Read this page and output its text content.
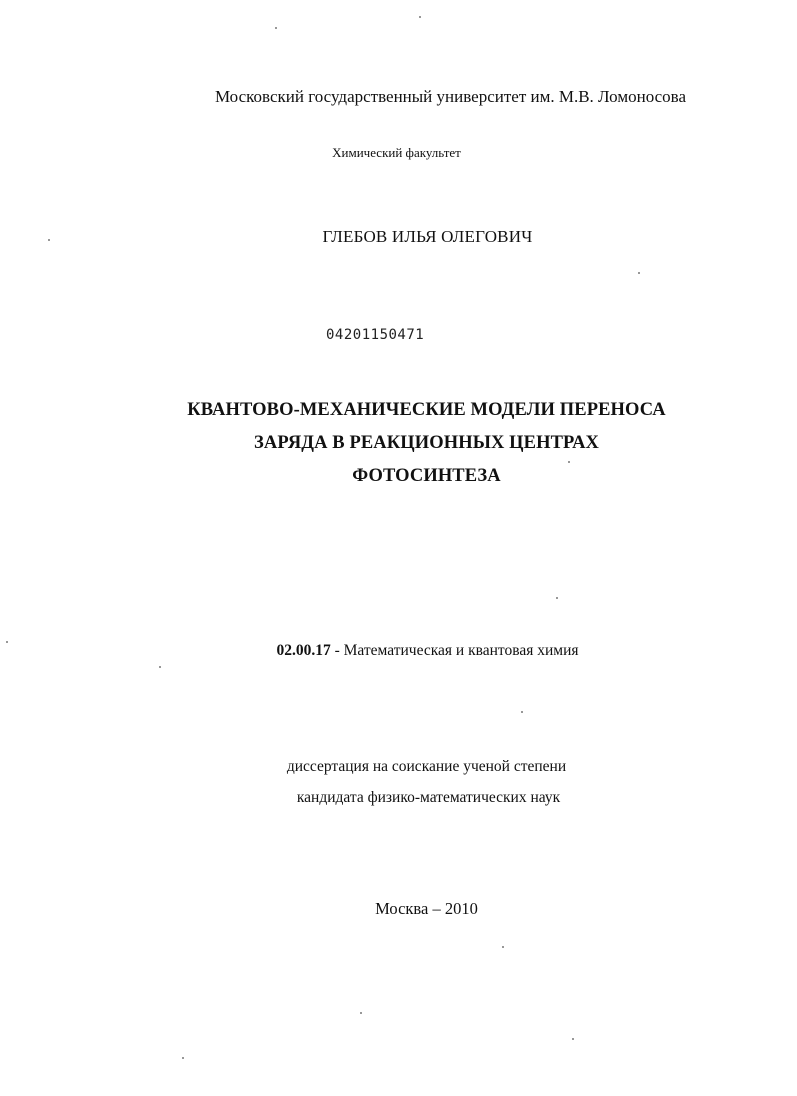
Московский государственный университет им. М.В. Ломоносова
Химический факультет
ГЛЕБОВ ИЛЬЯ ОЛЕГОВИЧ
04201150471
КВАНТОВО-МЕХАНИЧЕСКИЕ МОДЕЛИ ПЕРЕНОСА
ЗАРЯДА В РЕАКЦИОННЫХ ЦЕНТРАХ
ФОТОСИНТЕЗА
02.00.17 - Математическая и квантовая химия
диссертация на соискание ученой степени
кандидата физико-математических наук
Москва – 2010
